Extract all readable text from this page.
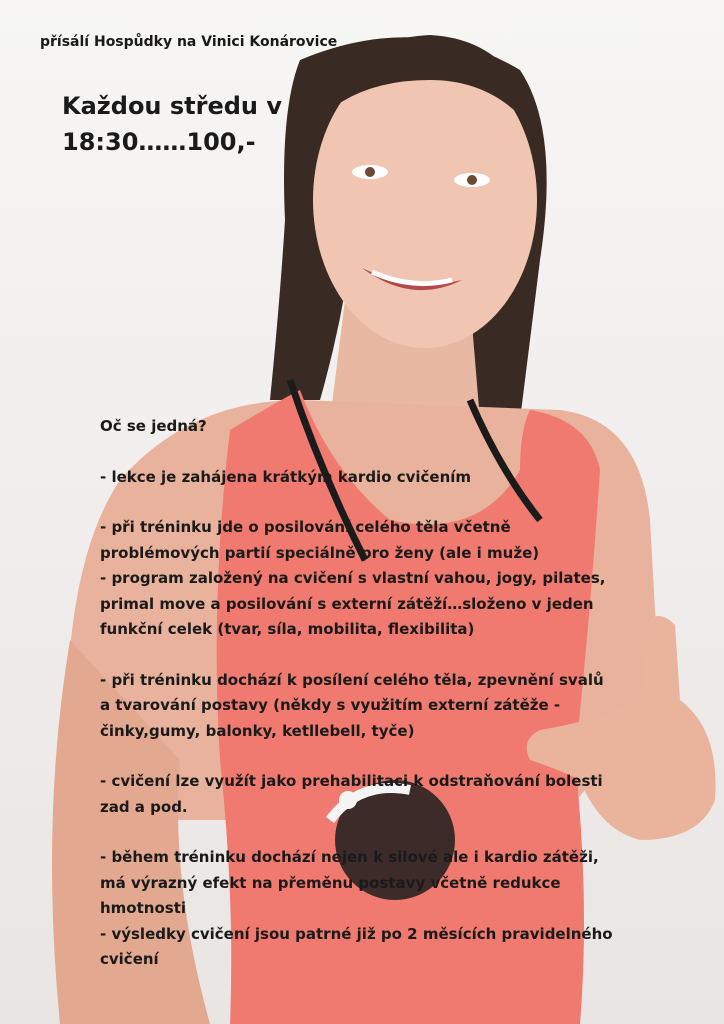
přísálí Hospůdky na Vinici Konárovice
Každou středu v
18:30……100,-
Oč se jedná?
- lekce je zahájena krátkým kardio cvičením
- při tréninku jde o posilování celého těla včetně
problémových partií speciálně pro ženy (ale i muže)
- program založený na cvičení s vlastní vahou, jogy, pilates,
primal move a posilování s externí zátěží…složeno v jeden
funkční celek (tvar, síla, mobilita, flexibilita)
- při tréninku dochází k posílení celého těla, zpevnění svalů
a tvarování postavy (někdy s využitím externí zátěže -
činky,gumy, balonky, ketllebell, tyče)
- cvičení lze využít jako prehabilitaci k odstraňování bolesti
zad a pod.
- během tréninku dochází nejen k silové ale i kardio zátěži,
má výrazný efekt na přeměnu postavy včetně redukce
hmotnosti
- výsledky cvičení jsou patrné již po 2 měsících pravidelného
cvičení
